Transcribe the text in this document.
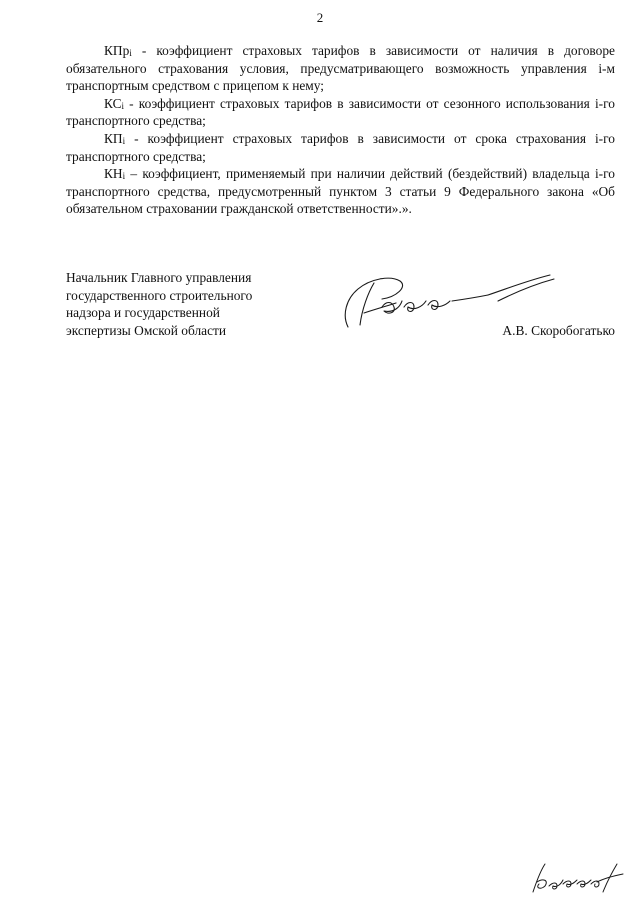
2

КПр$_i$ - коэффициент страховых тарифов в зависимости от наличия в договоре обязательного страхования условия, предусматривающего возможность управления i-м транспортным средством с прицепом к нему;

$КС_i$ - коэффициент страховых тарифов в зависимости от сезонного использования i-го транспортного средства;

$КП_i$ - коэффициент страховых тарифов в зависимости от срока страхования i-го транспортного средства;

$КН_i$ – коэффициент, применяемый при наличии действий (бездействий) владельца i-го транспортного средства, предусмотренный пунктом 3 статьи 9 Федерального закона «Об обязательном страховании гражданской ответственности».».

Начальник Главного управления
государственного строительного
надзора и государственной
экспертизы Омской области	А.В. Скоробогатько
